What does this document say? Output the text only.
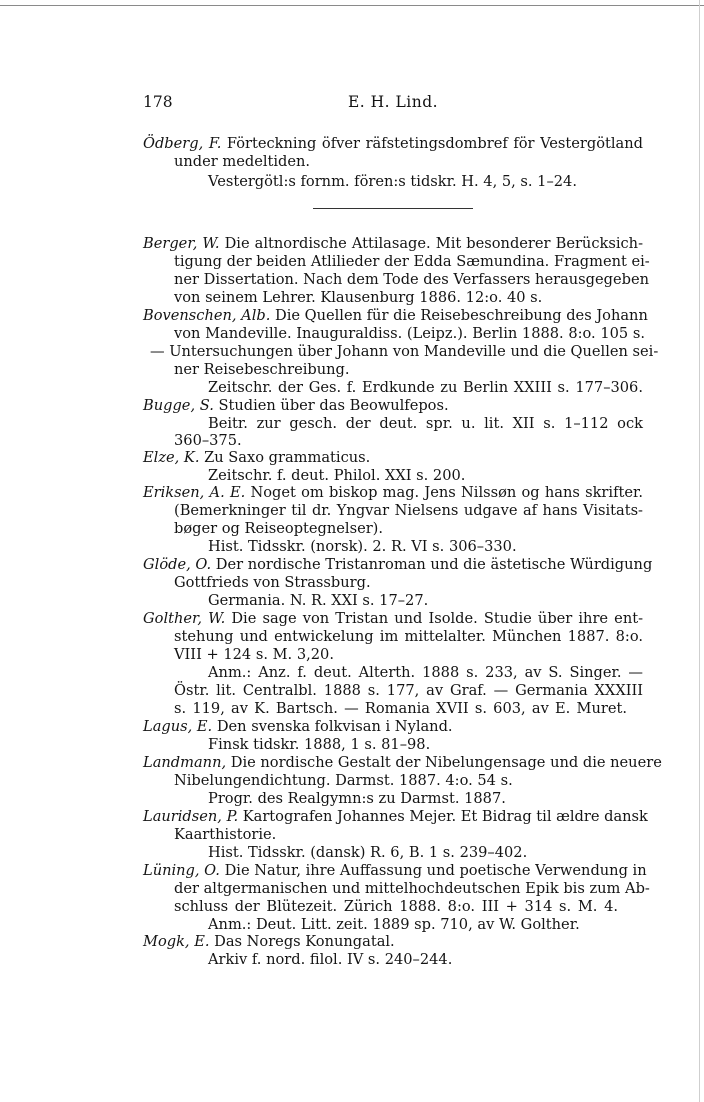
178	E. H. Lind.
Ödberg, F. Förteckning öfver räfstetingsdombref för Vestergötland
under medeltiden.
Vestergötl:s fornm. fören:s tidskr. H. 4, 5, s. 1–24.
Berger, W. Die altnordische Attilasage. Mit besonderer Berücksich-
tigung der beiden Atlilieder der Edda Sæmundina. Fragment ei-
ner Dissertation. Nach dem Tode des Verfassers herausgegeben
von seinem Lehrer. Klausenburg 1886. 12:o. 40 s.
Bovenschen, Alb. Die Quellen für die Reisebeschreibung des Johann
von Mandeville. Inauguraldiss. (Leipz.). Berlin 1888. 8:o. 105 s.
— Untersuchungen über Johann von Mandeville und die Quellen sei-
ner Reisebeschreibung.
Zeitschr. der Ges. f. Erdkunde zu Berlin XXIII s. 177–306.
Bugge, S. Studien über das Beowulfepos.
Beitr. zur gesch. der deut. spr. u. lit. XII s. 1–112 ock
360–375.
Elze, K. Zu Saxo grammaticus.
Zeitschr. f. deut. Philol. XXI s. 200.
Eriksen, A. E. Noget om biskop mag. Jens Nilssøn og hans skrifter.
(Bemerkninger til dr. Yngvar Nielsens udgave af hans Visitats-
bøger og Reiseoptegnelser).
Hist. Tidsskr. (norsk). 2. R. VI s. 306–330.
Glöde, O. Der nordische Tristanroman und die ästetische Würdigung
Gottfrieds von Strassburg.
Germania. N. R. XXI s. 17–27.
Golther, W. Die sage von Tristan und Isolde. Studie über ihre ent-
stehung und entwickelung im mittelalter. München 1887. 8:o.
VIII + 124 s. M. 3,20.
Anm.: Anz. f. deut. Alterth. 1888 s. 233, av S. Singer. —
Östr. lit. Centralbl. 1888 s. 177, av Graf. — Germania XXXIII
s. 119, av K. Bartsch. — Romania XVII s. 603, av E. Muret.
Lagus, E. Den svenska folkvisan i Nyland.
Finsk tidskr. 1888, 1 s. 81–98.
Landmann, Die nordische Gestalt der Nibelungensage und die neuere
Nibelungendichtung. Darmst. 1887. 4:o. 54 s.
Progr. des Realgymn:s zu Darmst. 1887.
Lauridsen, P. Kartografen Johannes Mejer. Et Bidrag til ældre dansk
Kaarthistorie.
Hist. Tidsskr. (dansk) R. 6, B. 1 s. 239–402.
Lüning, O. Die Natur, ihre Auffassung und poetische Verwendung in
der altgermanischen und mittelhochdeutschen Epik bis zum Ab-
schluss der Blütezeit. Zürich 1888. 8:o. III + 314 s. M. 4.
Anm.: Deut. Litt. zeit. 1889 sp. 710, av W. Golther.
Mogk, E. Das Noregs Konungatal.
Arkiv f. nord. filol. IV s. 240–244.
